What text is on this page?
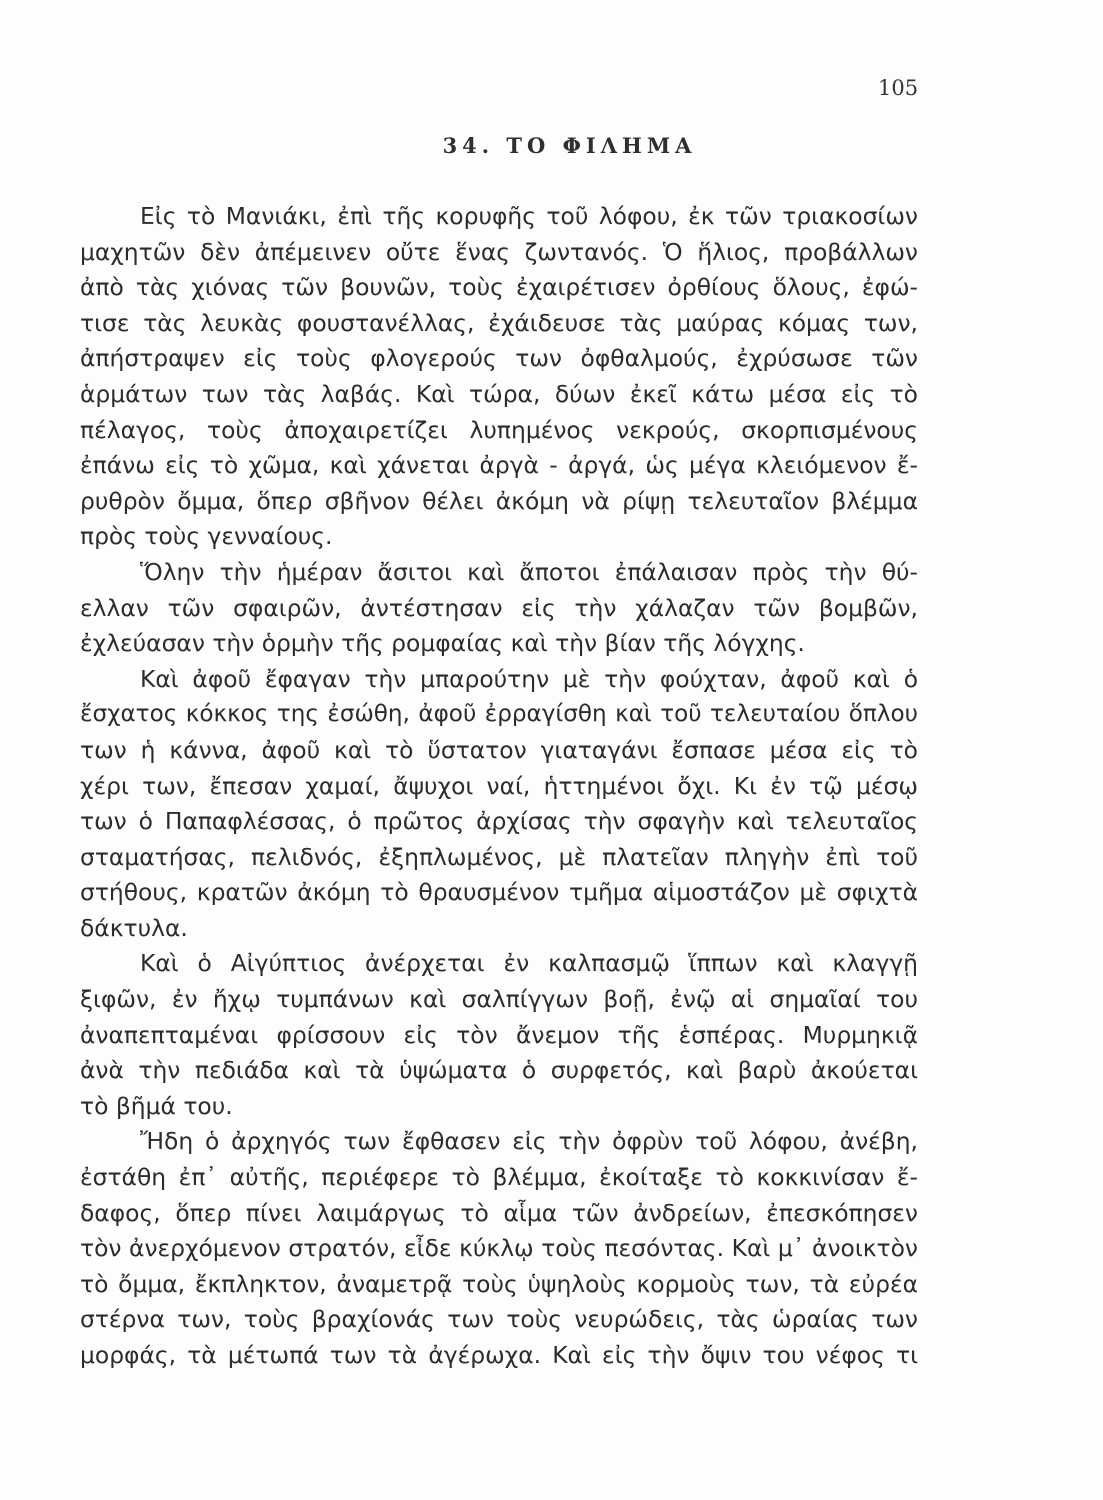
105
34. ΤΟ ΦΙΛΗΜΑ
Εἰς τὸ Μανιάκι, ἐπὶ τῆς κορυφῆς τοῦ λόφου, ἐκ τῶν τριακοσίων
μαχητῶν δὲν ἀπέμεινεν οὔτε ἕνας ζωντανός. Ὁ ἥλιος, προβάλλων
ἀπὸ τὰς χιόνας τῶν βουνῶν, τοὺς ἐχαιρέτισεν ὀρθίους ὅλους, ἐφώ-
τισε τὰς λευκὰς φουστανέλλας, ἐχάιδευσε τὰς μαύρας κόμας των,
ἀπήστραψεν εἰς τοὺς φλογερούς των ὀφθαλμούς, ἐχρύσωσε τῶν
ἁρμάτων των τὰς λαβάς. Καὶ τώρα, δύων ἐκεῖ κάτω μέσα εἰς τὸ
πέλαγος, τοὺς ἀποχαιρετίζει λυπημένος νεκρούς, σκορπισμένους
ἐπάνω εἰς τὸ χῶμα, καὶ χάνεται ἀργὰ - ἀργά, ὡς μέγα κλειόμενον ἔ-
ρυθρὸν ὄμμα, ὅπερ σβῆνον θέλει ἀκόμη νὰ ρίψῃ τελευταῖον βλέμμα
πρὸς τοὺς γενναίους.
Ὅλην τὴν ἡμέραν ἄσιτοι καὶ ἄποτοι ἐπάλαισαν πρὸς τὴν θύ-
ελλαν τῶν σφαιρῶν, ἀντέστησαν εἰς τὴν χάλαζαν τῶν βομβῶν,
ἐχλεύασαν τὴν ὁρμὴν τῆς ρομφαίας καὶ τὴν βίαν τῆς λόγχης.
Καὶ ἀφοῦ ἔφαγαν τὴν μπαρούτην μὲ τὴν φούχταν, ἀφοῦ καὶ ὁ
ἔσχατος κόκκος της ἐσώθη, ἀφοῦ ἐρραγίσθη καὶ τοῦ τελευταίου ὅπλου
των ἡ κάννα, ἀφοῦ καὶ τὸ ὕστατον γιαταγάνι ἔσπασε μέσα εἰς τὸ
χέρι των, ἔπεσαν χαμαί, ἄψυχοι ναί, ἡττημένοι ὄχι. Κι ἐν τῷ μέσῳ
των ὁ Παπαφλέσσας, ὁ πρῶτος ἀρχίσας τὴν σφαγὴν καὶ τελευταῖος
σταματήσας, πελιδνός, ἐξηπλωμένος, μὲ πλατεῖαν πληγὴν ἐπὶ τοῦ
στήθους, κρατῶν ἀκόμη τὸ θραυσμένον τμῆμα αἱμοστάζον μὲ σφιχτὰ
δάκτυλα.
Καὶ ὁ Αἰγύπτιος ἀνέρχεται ἐν καλπασμῷ ἵππων καὶ κλαγγῇ
ξιφῶν, ἐν ἤχῳ τυμπάνων καὶ σαλπίγγων βοῇ, ἐνῷ αἱ σημαῖαί του
ἀναπεπταμέναι φρίσσουν εἰς τὸν ἄνεμον τῆς ἑσπέρας. Μυρμηκιᾷ
ἀνὰ τὴν πεδιάδα καὶ τὰ ὑψώματα ὁ συρφετός, καὶ βαρὺ ἀκούεται
τὸ βῆμά του.
Ἤδη ὁ ἀρχηγός των ἔφθασεν εἰς τὴν ὀφρὺν τοῦ λόφου, ἀνέβη,
ἐστάθη ἐπ᾽ αὐτῆς, περιέφερε τὸ βλέμμα, ἐκοίταξε τὸ κοκκινίσαν ἔ-
δαφος, ὅπερ πίνει λαιμάργως τὸ αἷμα τῶν ἀνδρείων, ἐπεσκόπησεν
τὸν ἀνερχόμενον στρατόν, εἶδε κύκλῳ τοὺς πεσόντας. Καὶ μ᾽ ἀνοικτὸν
τὸ ὄμμα, ἔκπληκτον, ἀναμετρᾷ τοὺς ὑψηλοὺς κορμοὺς των, τὰ εὐρέα
στέρνα των, τοὺς βραχίονάς των τοὺς νευρώδεις, τὰς ὡραίας των
μορφάς, τὰ μέτωπά των τὰ ἀγέρωχα. Καὶ εἰς τὴν ὄψιν του νέφος τι
